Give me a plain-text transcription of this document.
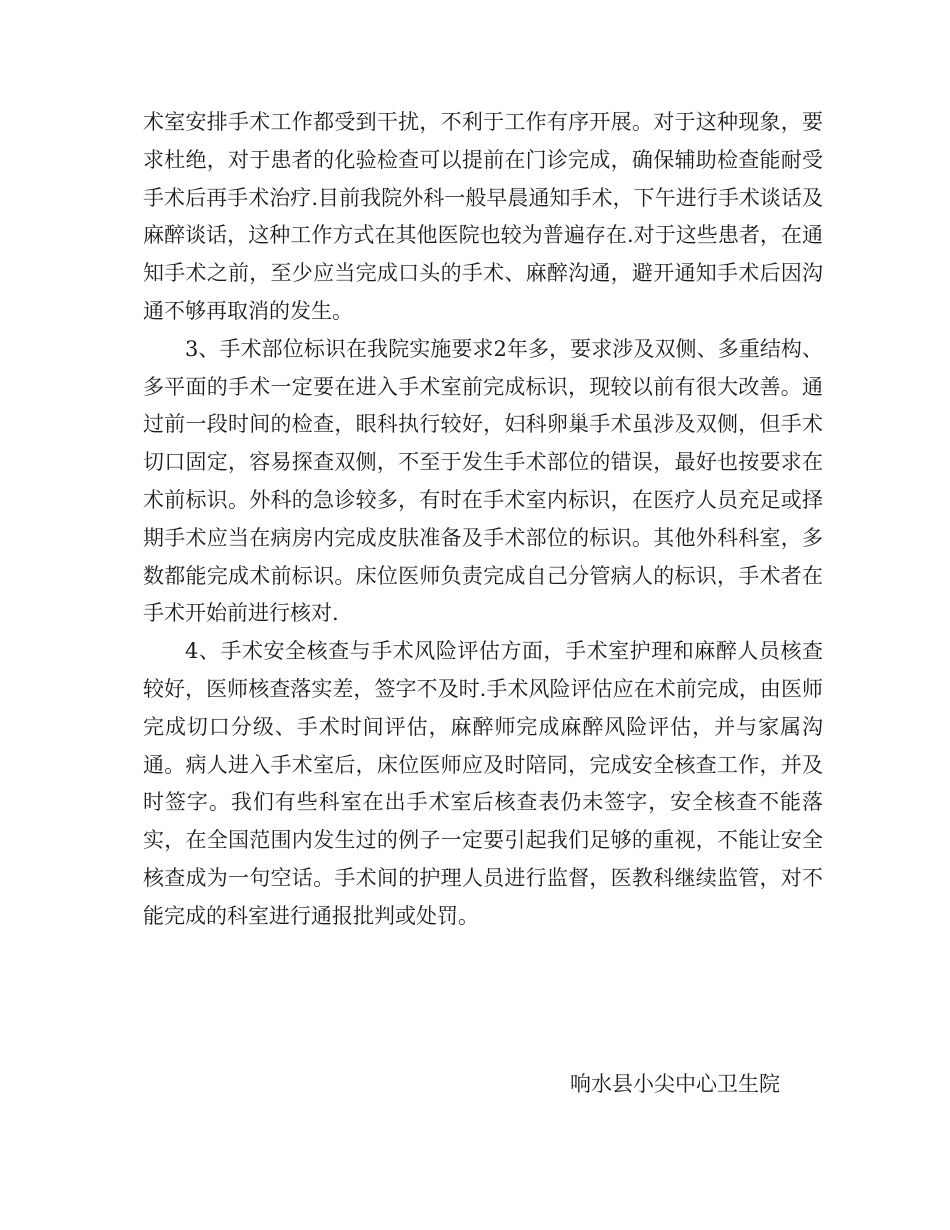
术室安排手术工作都受到干扰，不利于工作有序开展。对于这种现象，要求杜绝，对于患者的化验检查可以提前在门诊完成，确保辅助检查能耐受手术后再手术治疗.目前我院外科一般早晨通知手术，下午进行手术谈话及麻醉谈话，这种工作方式在其他医院也较为普遍存在.对于这些患者，在通知手术之前，至少应当完成口头的手术、麻醉沟通，避开通知手术后因沟通不够再取消的发生。

3、手术部位标识在我院实施要求2年多，要求涉及双侧、多重结构、多平面的手术一定要在进入手术室前完成标识，现较以前有很大改善。通过前一段时间的检查，眼科执行较好，妇科卵巢手术虽涉及双侧，但手术切口固定，容易探查双侧，不至于发生手术部位的错误，最好也按要求在术前标识。外科的急诊较多，有时在手术室内标识，在医疗人员充足或择期手术应当在病房内完成皮肤准备及手术部位的标识。其他外科科室，多数都能完成术前标识。床位医师负责完成自己分管病人的标识，手术者在手术开始前进行核对.

4、手术安全核查与手术风险评估方面，手术室护理和麻醉人员核查较好，医师核查落实差，签字不及时.手术风险评估应在术前完成，由医师完成切口分级、手术时间评估，麻醉师完成麻醉风险评估，并与家属沟通。病人进入手术室后，床位医师应及时陪同，完成安全核查工作，并及时签字。我们有些科室在出手术室后核查表仍未签字，安全核查不能落实，在全国范围内发生过的例子一定要引起我们足够的重视，不能让安全核查成为一句空话。手术间的护理人员进行监督，医教科继续监管，对不能完成的科室进行通报批判或处罚。

响水县小尖中心卫生院
